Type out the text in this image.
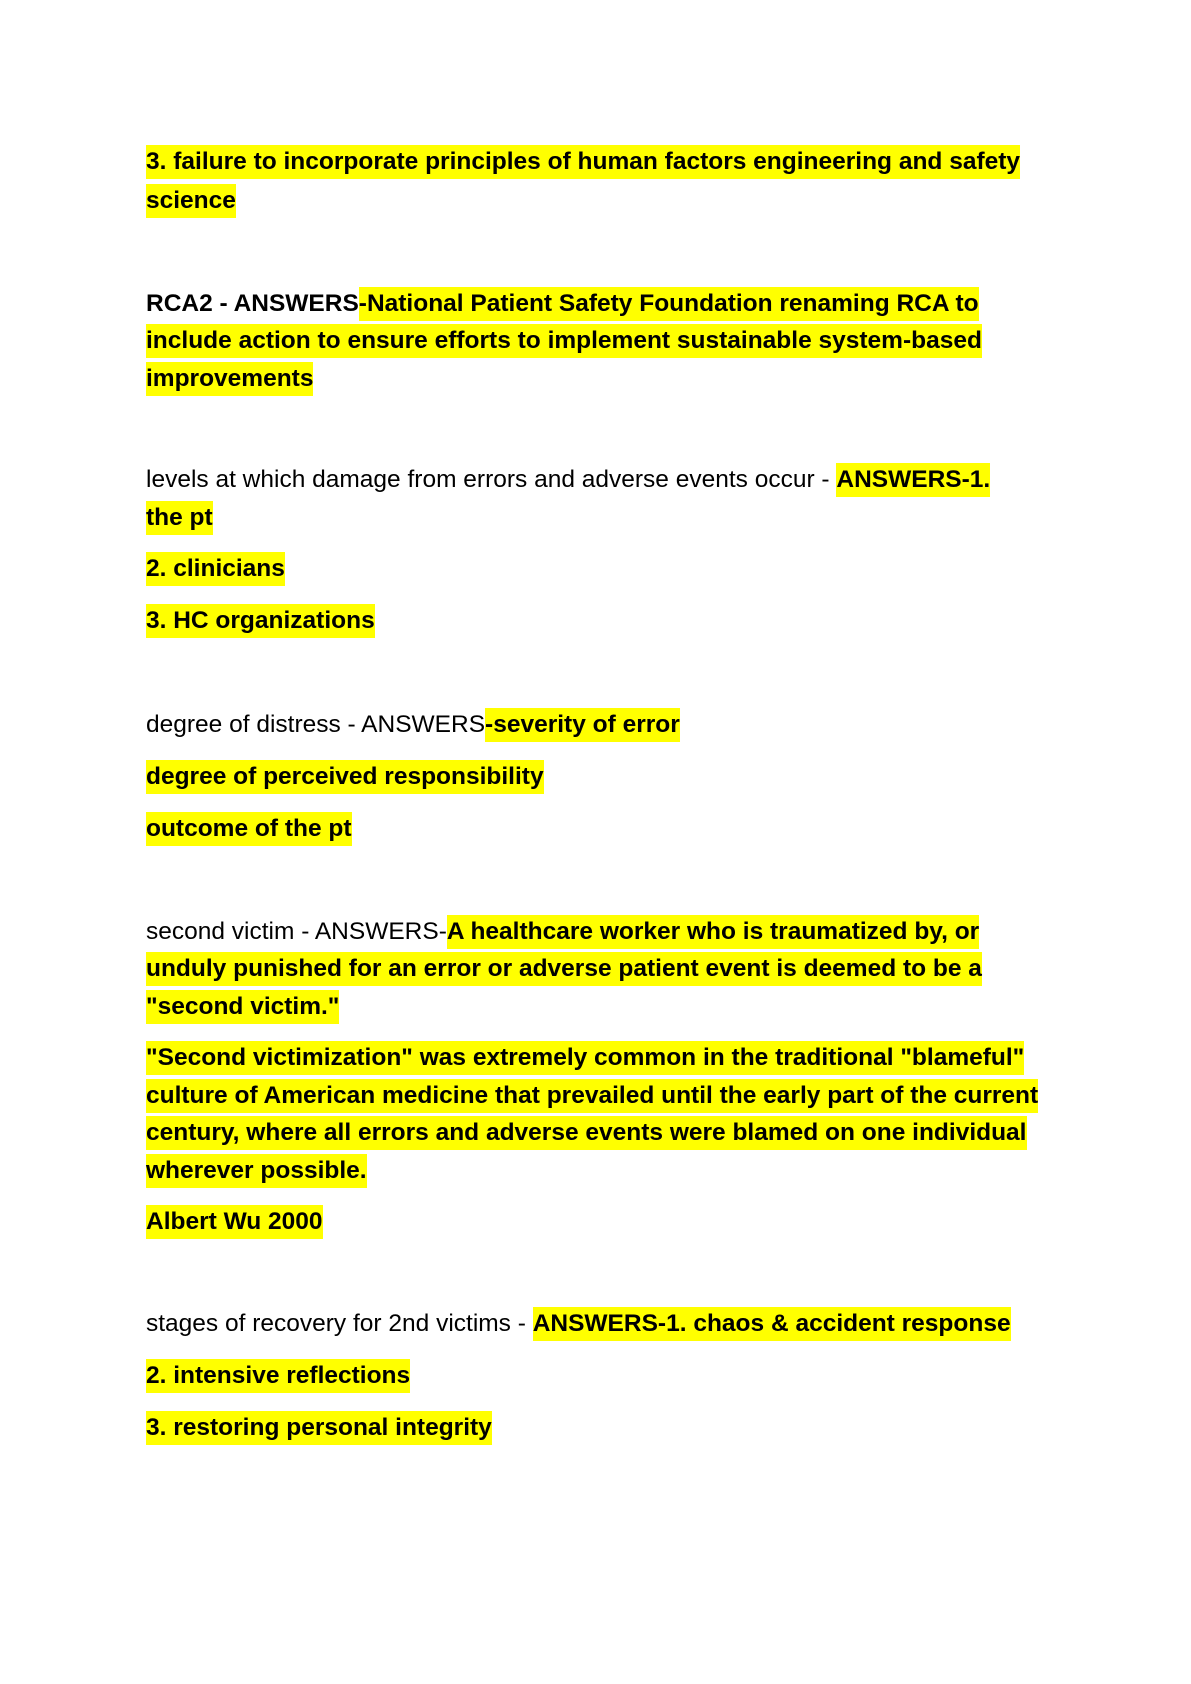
3. failure to incorporate principles of human factors engineering and safety

science

RCA2 - ANSWERS-National Patient Safety Foundation renaming RCA to

include action to ensure efforts to implement sustainable system-based

improvements

levels at which damage from errors and adverse events occur - ANSWERS-1.

the pt

2. clinicians

3. HC organizations

degree of distress - ANSWERS-severity of error

degree of perceived responsibility

outcome of the pt

second victim - ANSWERS-A healthcare worker who is traumatized by, or

unduly punished for an error or adverse patient event is deemed to be a

"second victim."

"Second victimization" was extremely common in the traditional "blameful"

culture of American medicine that prevailed until the early part of the current

century, where all errors and adverse events were blamed on one individual

wherever possible.

Albert Wu 2000

stages of recovery for 2nd victims - ANSWERS-1. chaos & accident response

2. intensive reflections

3. restoring personal integrity
